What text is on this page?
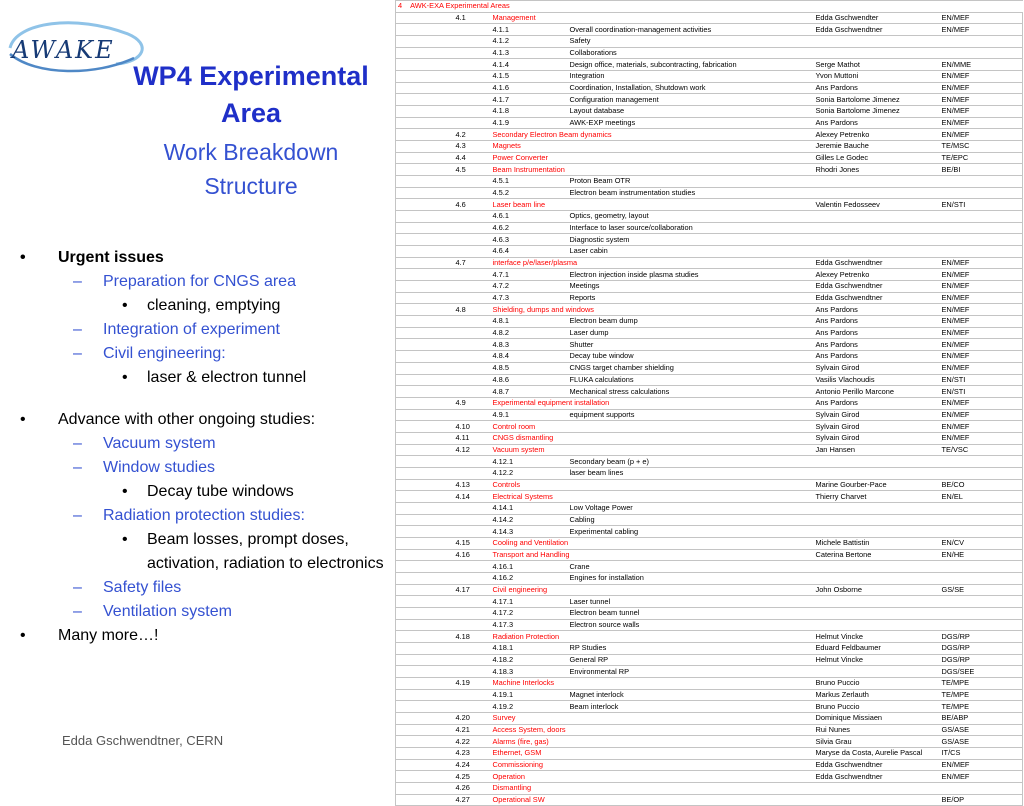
AWAKE
WP4 Experimental
Area
Work Breakdown
Structure
• Urgent issues
– Preparation for CNGS area
• cleaning, emptying
– Integration of experiment
– Civil engineering:
• laser & electron tunnel
• Advance with other ongoing studies:
– Vacuum system
– Window studies
• Decay tube windows
– Radiation protection studies:
• Beam losses, prompt doses, activation, radiation to electronics
– Safety files
– Ventilation system
• Many more…!
Edda Gschwendtner, CERN
4 AWK-EXA Experimental Areas					
	4.1	Management		Edda Gschwendter	EN/MEF
		4.1.1	Overall coordination-management activities	Edda Gschwendtner	EN/MEF
		4.1.2	Safety		
		4.1.3	Collaborations		
		4.1.4	Design office, materials, subcontracting, fabrication	Serge Mathot	EN/MME
		4.1.5	Integration	Yvon Muttoni	EN/MEF
		4.1.6	Coordination, Installation, Shutdown work	Ans Pardons	EN/MEF
		4.1.7	Configuration management	Sonia Bartolome Jimenez	EN/MEF
		4.1.8	Layout database	Sonia Bartolome Jimenez	EN/MEF
		4.1.9	AWK-EXP meetings	Ans Pardons	EN/MEF
	4.2	Secondary Electron Beam dynamics		Alexey Petrenko	EN/MEF
	4.3	Magnets		Jeremie Bauche	TE/MSC
	4.4	Power Converter		Gilles Le Godec	TE/EPC
	4.5	Beam Instrumentation		Rhodri Jones	BE/BI
		4.5.1	Proton Beam OTR		
		4.5.2	Electron beam instrumentation studies		
	4.6	Laser beam line		Valentin Fedosseev	EN/STI
		4.6.1	Optics, geometry, layout		
		4.6.2	Interface to laser source/collaboration		
		4.6.3	Diagnostic system		
		4.6.4	Laser cabin		
	4.7	interface p/e/laser/plasma		Edda Gschwendtner	EN/MEF
		4.7.1	Electron injection inside plasma studies	Alexey Petrenko	EN/MEF
		4.7.2	Meetings	Edda Gschwendtner	EN/MEF
		4.7.3	Reports	Edda Gschwendtner	EN/MEF
	4.8	Shielding, dumps and windows		Ans Pardons	EN/MEF
		4.8.1	Electron beam dump	Ans Pardons	EN/MEF
		4.8.2	Laser dump	Ans Pardons	EN/MEF
		4.8.3	Shutter	Ans Pardons	EN/MEF
		4.8.4	Decay tube window	Ans Pardons	EN/MEF
		4.8.5	CNGS target chamber shielding	Sylvain Girod	EN/MEF
		4.8.6	FLUKA calculations	Vasilis Vlachoudis	EN/STI
		4.8.7	Mechanical stress calculations	Antonio Perillo Marcone	EN/STI
	4.9	Experimental equipment installation		Ans Pardons	EN/MEF
		4.9.1	equipment supports	Sylvain Girod	EN/MEF
	4.10	Control room		Sylvain Girod	EN/MEF
	4.11	CNGS dismantling		Sylvain Girod	EN/MEF
	4.12	Vacuum system		Jan Hansen	TE/VSC
		4.12.1	Secondary beam (p + e)		
		4.12.2	laser beam lines		
	4.13	Controls		Marine Gourber-Pace	BE/CO
	4.14	Electrical Systems		Thierry Charvet	EN/EL
		4.14.1	Low Voltage Power		
		4.14.2	Cabling		
		4.14.3	Experimental cabling		
	4.15	Cooling and Ventilation		Michele Battistin	EN/CV
	4.16	Transport and Handling		Caterina Bertone	EN/HE
		4.16.1	Crane		
		4.16.2	Engines for installation		
	4.17	Civil engineering		John Osborne	GS/SE
		4.17.1	Laser tunnel		
		4.17.2	Electron beam tunnel		
		4.17.3	Electron source walls		
	4.18	Radiation Protection		Helmut Vincke	DGS/RP
		4.18.1	RP Studies	Eduard Feldbaumer	DGS/RP
		4.18.2	General RP	Helmut Vincke	DGS/RP
		4.18.3	Environmental RP		DGS/SEE
	4.19	Machine Interlocks		Bruno Puccio	TE/MPE
		4.19.1	Magnet interlock	Markus Zerlauth	TE/MPE
		4.19.2	Beam interlock	Bruno Puccio	TE/MPE
	4.20	Survey		Dominique Missiaen	BE/ABP
	4.21	Access System, doors		Rui Nunes	GS/ASE
	4.22	Alarms (fire, gas)		Silvia Grau	GS/ASE
	4.23	Ethernet, GSM		Maryse da Costa, Aurelie Pascal	IT/CS
	4.24	Commissioning		Edda Gschwendtner	EN/MEF
	4.25	Operation		Edda Gschwendtner	EN/MEF
	4.26	Dismantling			
	4.27	Operational SW			BE/OP
